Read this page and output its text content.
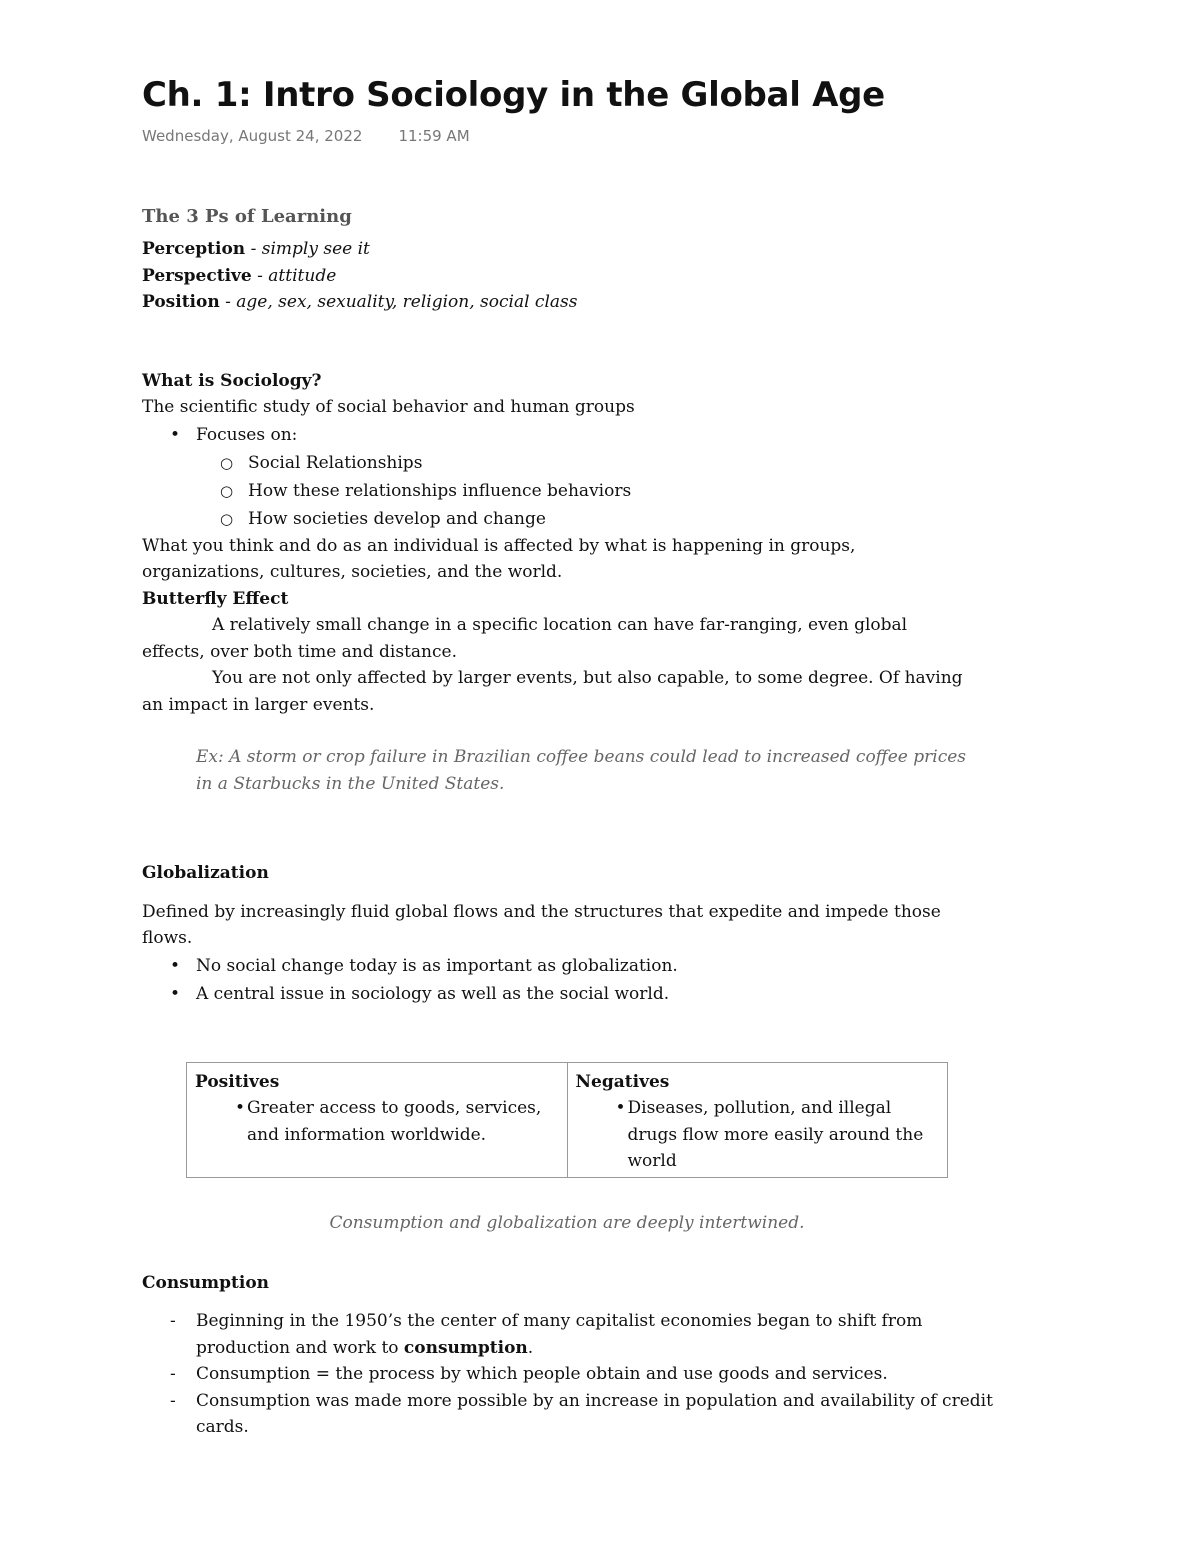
Ch. 1: Intro Sociology in the Global Age
Wednesday, August 24, 2022 11:59 AM
The 3 Ps of Learning
Perception - simply see it
Perspective - attitude
Position - age, sex, sexuality, religion, social class
What is Sociology?
The scientific study of social behavior and human groups
• Focuses on:
○ Social Relationships
○ How these relationships influence behaviors
○ How societies develop and change
What you think and do as an individual is affected by what is happening in groups,
organizations, cultures, societies, and the world.
Butterfly Effect
A relatively small change in a specific location can have far-ranging, even global
effects, over both time and distance.
You are not only affected by larger events, but also capable, to some degree. Of having
an impact in larger events.
Ex: A storm or crop failure in Brazilian coffee beans could lead to increased coffee prices
in a Starbucks in the United States.
Globalization
Defined by increasingly fluid global flows and the structures that expedite and impede those
flows.
• No social change today is as important as globalization.
• A central issue in sociology as well as the social world.
Positives
• Greater access to goods, services, and information worldwide.

Negatives
• Diseases, pollution, and illegal drugs flow more easily around the world
Consumption and globalization are deeply intertwined.
Consumption
- Beginning in the 1950’s the center of many capitalist economies began to shift from production and work to consumption.
- Consumption = the process by which people obtain and use goods and services.
- Consumption was made more possible by an increase in population and availability of credit cards.
